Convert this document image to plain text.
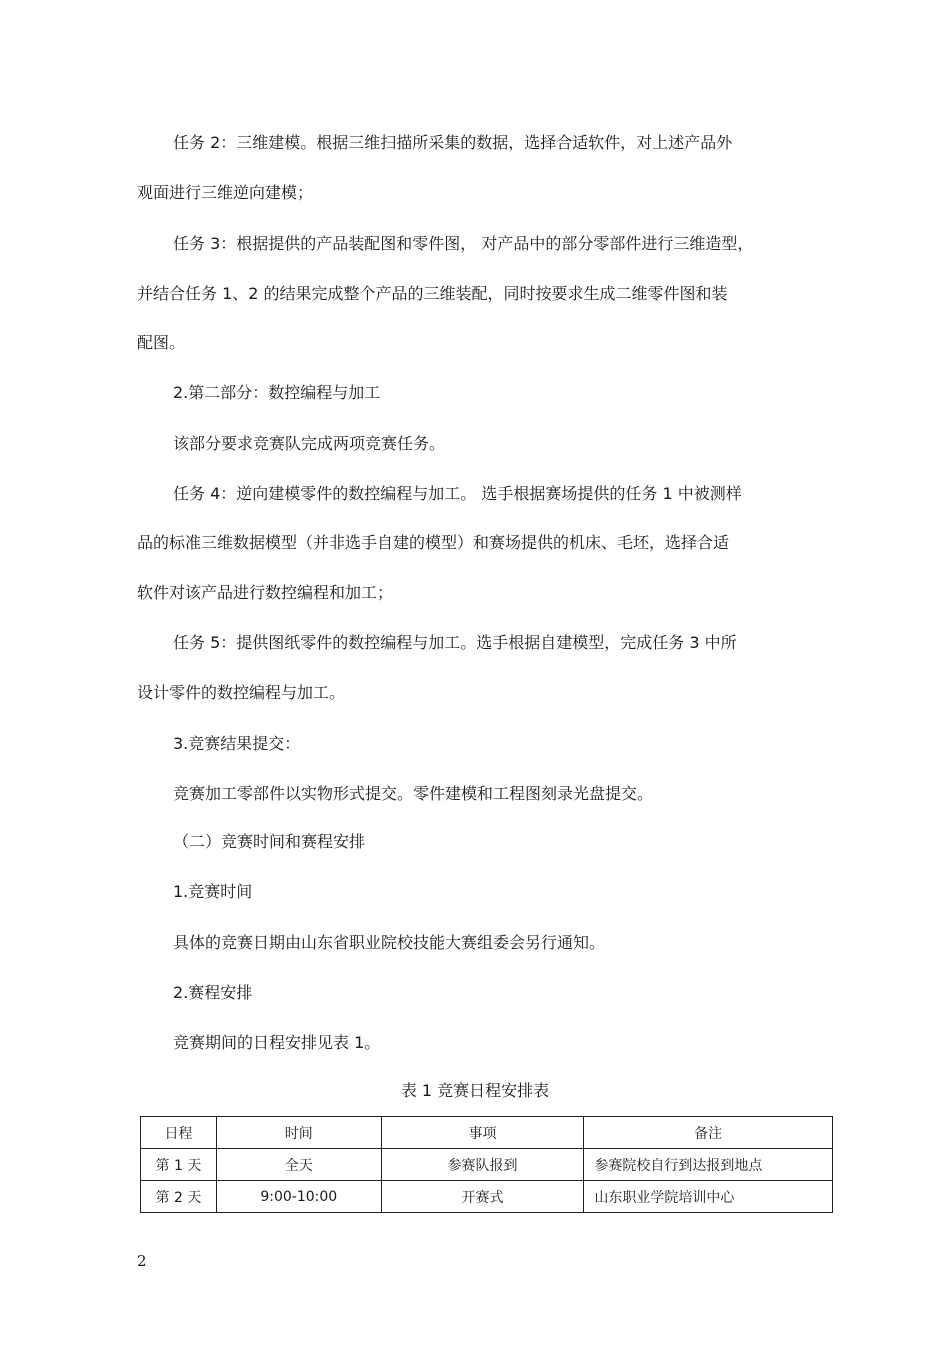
任务 2：三维建模。根据三维扫描所采集的数据，选择合适软件，对上述产品外
观面进行三维逆向建模；
任务 3：根据提供的产品装配图和零件图， 对产品中的部分零部件进行三维造型，
并结合任务 1、2 的结果完成整个产品的三维装配，同时按要求生成二维零件图和装
配图。
2.第二部分：数控编程与加工
该部分要求竞赛队完成两项竞赛任务。
任务 4：逆向建模零件的数控编程与加工。 选手根据赛场提供的任务 1 中被测样
品的标准三维数据模型（并非选手自建的模型）和赛场提供的机床、毛坯，选择合适
软件对该产品进行数控编程和加工；
任务 5：提供图纸零件的数控编程与加工。选手根据自建模型，完成任务 3 中所
设计零件的数控编程与加工。
3.竞赛结果提交：
竞赛加工零部件以实物形式提交。零件建模和工程图刻录光盘提交。
（二）竞赛时间和赛程安排
1.竞赛时间
具体的竞赛日期由山东省职业院校技能大赛组委会另行通知。
2.赛程安排
竞赛期间的日程安排见表 1。
表 1 竞赛日程安排表
日程	时间	事项	备注
第 1 天	全天	参赛队报到	参赛院校自行到达报到地点
第 2 天	9:00-10:00	开赛式	山东职业学院培训中心
2
